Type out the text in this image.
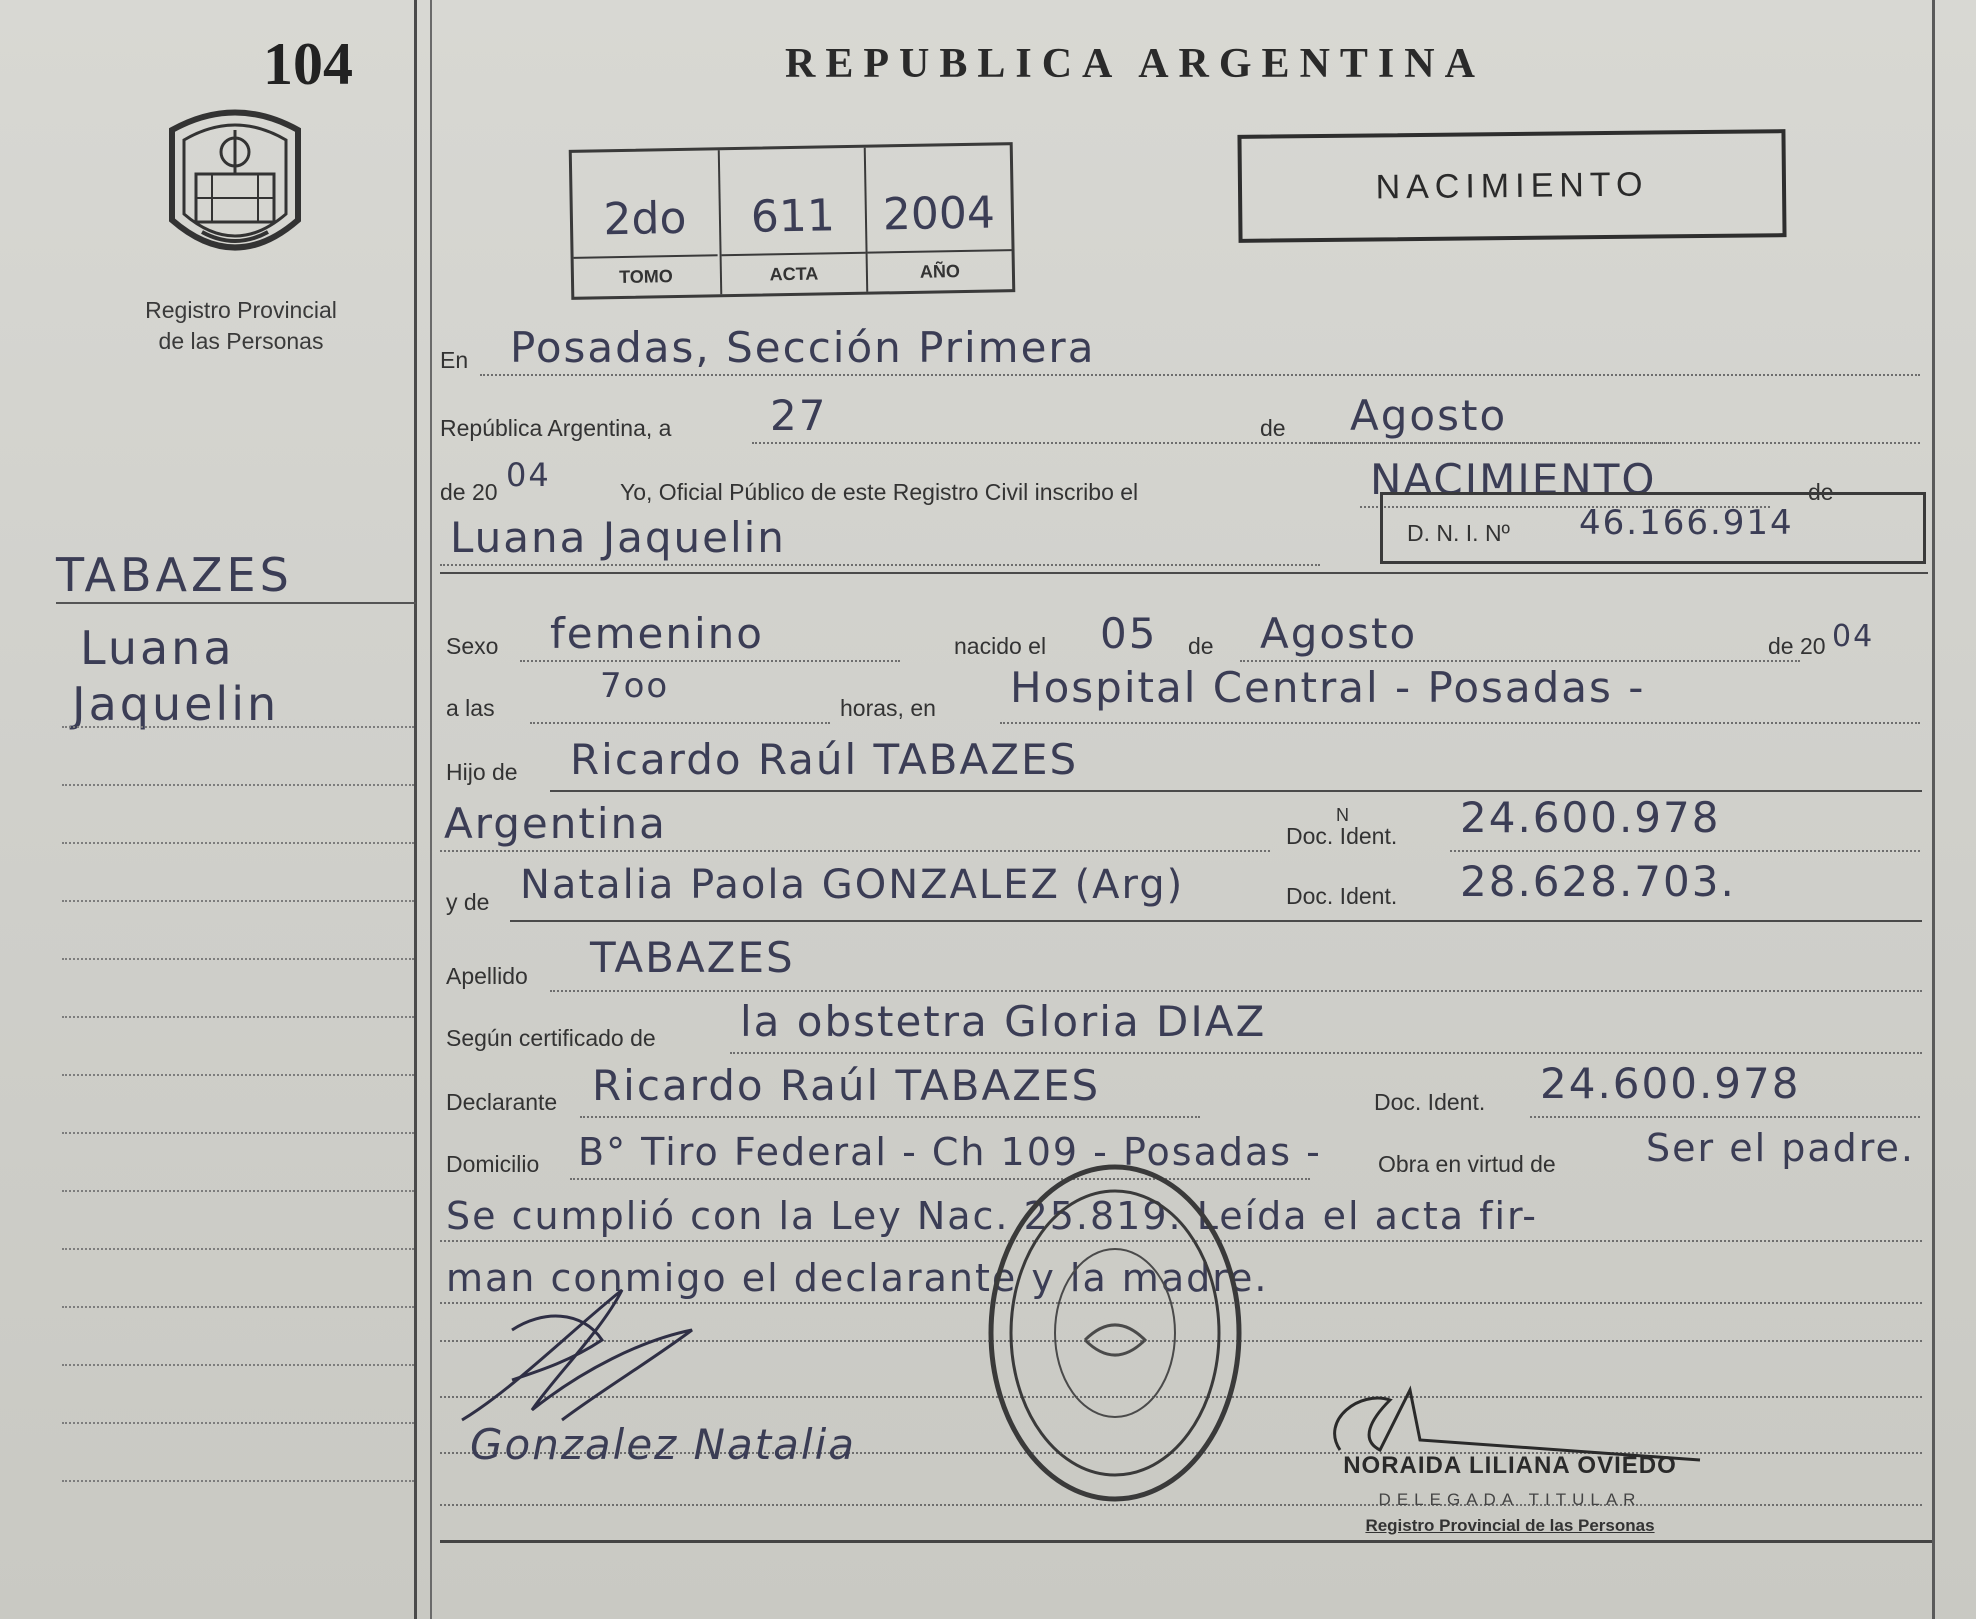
104
Registro Provincial
de las Personas
TABAZES
Luana
Jaquelin
REPUBLICA ARGENTINA
2do
TOMO
611
ACTA
2004
AÑO
NACIMIENTO
En Posadas, Sección Primera
República Argentina, a 27	de Agosto
de 20 04	Yo, Oficial Público de este Registro Civil inscribo el	NACIMIENTO	de
Luana Jaquelin	D. N. I. Nº 46.166.914
Sexo femenino	nacido el 05 de Agosto	de 20 04
a las
7oo
horas, en Hospital Central - Posadas -
Hijo de Ricardo Raúl TABAZES
Argentina	Doc. Ident.
N	24.600.978
y de Natalia Paola GONZALEZ (Arg)	Doc. Ident. 28.628.703.
Apellido TABAZES
Según certificado de la obstetra Gloria DIAZ
Declarante Ricardo Raúl TABAZES	Doc. Ident. 24.600.978
Domicilio B° Tiro Federal - Ch 109 - Posadas - Obra en virtud de Ser el padre.
Se cumplió con la Ley Nac. 25.819. Leída el acta fir-
man conmigo el declarante y la madre.
Gonzalez Natalia	NORAIDA LILIANA OVIEDO
DELEGADA TITULAR
Registro Provincial de las Personas
